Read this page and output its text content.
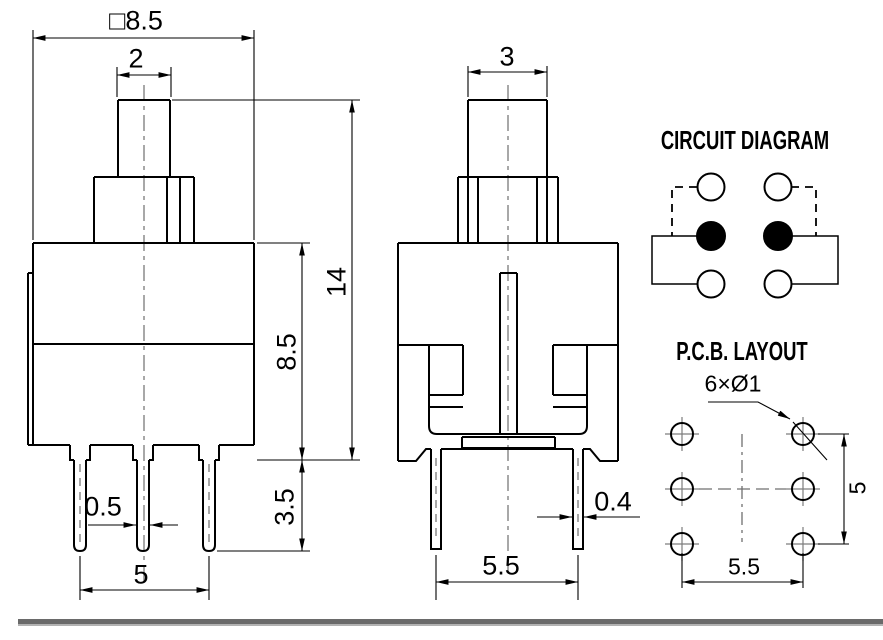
□8.5
2
14
8.5
3.5
0.5
5
3
0.4
5.5
CIRCUIT DIAGRAM
P.C.B. LAYOUT
6×Ø1
5
5.5
